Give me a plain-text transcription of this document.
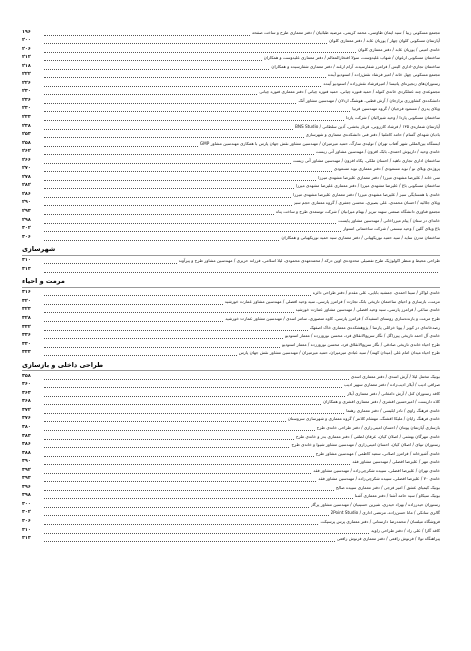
۱۹۶	مجتمع مسکونی زیبا / سید ایمان طاوسی، محمد کریمی، مرضیه طبائیان / دفتر معماری طرح و ساخت صفحه
۲۰۰	آپارتمان مسکونی کلوان چهار / پوریان عابد / دفتر معماری کلوان
۲۰۶	خانه‌ی امینی / پوریان عابد / دفتر معماری کلوان
۲۱۲	ساختمان مسکونی ارغوان / شهاب علیدوست، سولا افتخارالمعالم / دفتر معماری علیدوست و همکاران
۲۱۸	ساختمان تجاری-اداری الیس / فرامرز شفارسیده، آرام ارغند / دفتر معماری شفارسیده و همکاران
۲۲۲	مجتمع مسکونی چهل خانه / امیر فرشاد نقش‌زاده / استودیو آینده
۲۲۶	رستوران‌های زنجیره‌ای پاتیسا / امیرفرشاد نقش‌زاده / استودیو آینده
۲۳۰	مجموعه‌ی چند عملکردی خانه‌ی کتوله / حمید فتوره چیانی، حمید فتوره چیانی / دفتر معماری فتوره چیانی
۲۳۶	دانشکده‌ی کشاورزی برازجان / آرش قطبی، هوشنگ اردلان / مهندسین مشاور آتک
۲۴۰	ویلای پدری / مسعود فرجیان / گروه مهندسین فرنیا
۲۴۴	ساختمان مسکونی پاردا / وحید شیرالیان / شرکت پاردا
۲۴۸	آپارتمان شماره‌ی ۱۳۵ / فرشاد کازرونی، فرناز بخشی، آذین سلطانی / BNS Studio
۲۵۴	بادبان شهدای گمنام / حامد کاملنیا / دفتر فنی دانشکده‌ی معماری و شهرسازی
۲۵۸	ایستگاه بین‌المللی شهر آفتاب تهران / تولیدی سارگ، حمید میرمیران / مهندسین مشاور نقش جهان پارس با همکاری مهندسین مشاور GMP
۲۶۲	خانه‌ی وحید / داریوش احمدی، بابک افزون / مهندسین مشاور آتی زیست
۲۶۶	ساختمان اداری تجاری ناهید / احسان ملکی، پکاه افزون / مهندسین مشاور آتی زیست
۲۷۰	پروژه‌ی ویلای نو / نوید مسعودی / دفتر معماری نوید مسعودی
۲۷۸	سی خانه / علیرضا مشهدی میرزا / دفتر معماری علیرضا مشهدی میرزا
۲۸۲	ساختمان مسکونی باغ / علیرضا مشهدی میرزا / دفتر معماری علیرضا مشهدی میرزا
۲۸۶	خانه‌ی با همسایگی سبز / علیرضا مشهدی میرزا / دفتر معماری علیرضا مشهدی میرزا
۲۹۰	ویلای جلالیه / احسان محمدی، علی بصیری، محسن جعفری / گروه معماری حجم سبز
۲۹۴	مجتمع فناوری دانشگاه صنعتی سهند تبریز / بهنام میرانیان / شرکت توسعه‌ی طرح و ساخت پناه
۲۹۸	خانه‌ای در ستان / پیام میرزاخانی / مهندسین مشاور پایست
۳۰۲	باغ ویلای گلین / وحید تبسمی / شرکت ساختمانی استوار
۳۰۶	ساختمان مدرن ساید / سید حمید نوریکهیانی / دفتر معماری سید حمید نوریکهیانی و همکاران
شهرسازی
۳۱۰	طراحی محیط و منظر اکولوژیک طرح تفصیلی محدوده‌ی اوین درکه / محمدمهدی محمودی، لیلا اسلامی، فرزانه حریری / مهندسین مشاور طرح و پیرآوند
۳۱۴
مرمت و احیاء
۳۱۶	خانه‌ی لواکر / سینا احمدی، جمشید بابایی، علی مقدم / دفتر طراحی دائره
۳۲۰	مرمت، بازسازی و احیای ساختمان تاریخی بانک تجارت / فرامرز پارسی، سید وحید افضلی / مهندسین مشاور عمارت خورشید
۳۲۴	خانه‌ی ساعی / فرامرز پارسی، سید وحید افضلی / مهندسین مشاور عمارت خورشید
۳۲۸	طرح مرمت و بازنده‌سازی روستای اسفیدک / فرامرز پارسی، کاوه منصوری، سامر اسدی / مهندسین مشاور عمارت خورشید
۳۳۲	رصدخانه‌ای در کویر / پویا خزائلی پارسا / پژوهشکده‌ی معماری خاک اصفهک
۳۳۶	خانه‌ی آل احمد تاریخی پیرزاگل / نگار سریع‌الانقلاق فرد، محسن نوروززده / معمار استودیو
۳۴۰	طرح احیاء خانه‌ی تاریخی صادقی / نگار سریع‌الانقلاق فرد، محسن نوروززده / معمار استودیو
۳۴۴	طرح احیاء میدان امام علی (میدان کهنه) / سید عبادی میرمیران، حمید میرمیران / مهندسین مشاور نقش جهان پارس
طراحی داخلی و بازسازی
۳۵۸	بوتیک مخمل لیلا / آرش اسدی / دفتر معماری اسدی
۳۶۰	صرافی ادیب / آیلار ادیب‌زاده / دفتر معماری سهیر ادیب
۳۶۴	کافه رستوران کتل / آرش دامغانی / دفتر معماری آیلار
۳۶۸	کلاه داریست / امیرحسین افشری / دفتر معماری افشری و همکاران
۳۷۲	خانه‌ی فرهنگ راوی / نادر ابلیسی / دفتر معماری رهنما
۳۷۶	خانه‌ی فرهنگ رایان / ملیکا افشنگ، مهشام کلانتر / گروه معماری و شهرسازی سروستان
۳۸۰	بازسازی آپارتمان پونتان / احسان امینی‌زاری / دفتر طراحی خانه‌ی طرح
۳۸۴	خانه‌ی مهرگان بهشتی / اصلان کیان، عرفان لطفی / دفتر معماری بدر و خانه‌ی طرح
۳۸۶	رستوران تیپای / اصلان کیان، احسان امینی‌زاری / مهندسین مشاور شیوا و خانه‌ی طرح
۳۸۸	خانه‌ی آشپزخانه / فرامرز اصلانی، سعید کاظمی / مهندسین مشاور طرح
۳۹۰	خانه‌ی مهر / علیرضا افضلی / مهندسین مشاور فقد
۳۹۲	خانه‌ی تهران / علیرضا افضلی، سپیده شکرچی‌زاده / مهندسین مشاور فقد
۳۹۴	خانه‌ی ۷۰ / علیرضا افضلی، سپیده شکرچی‌زاده / مهندسین مشاور فقد
۳۹۶	بوتیک کیمیای عشق / امیر فرجی / دفتر معماری سپیده صالح
۳۹۸	بوتیک سیکاو / سید حامد آشنا / دفتر معماری آشنا
۴۰۰	رستوران حیدرزاده / بهزاد حیدری، شیرین حسینیان / مهندسین مشاور پرگار
۴۰۲	گالری سانکی / مانا حسن‌زاده، مرتضی اداری / 2Point Studio
۴۰۶	فروشگاه میلسان / محمدرضا دارستانی / دفتر معماری پرس پرسپکت
۴۱۰	کافه گارا / علی راد / دفتر طراحی زاویه
۴۱۴	پیراهنگاه تولا / فرنوش رافعی / دفتر معماری فرنوش رافعی
